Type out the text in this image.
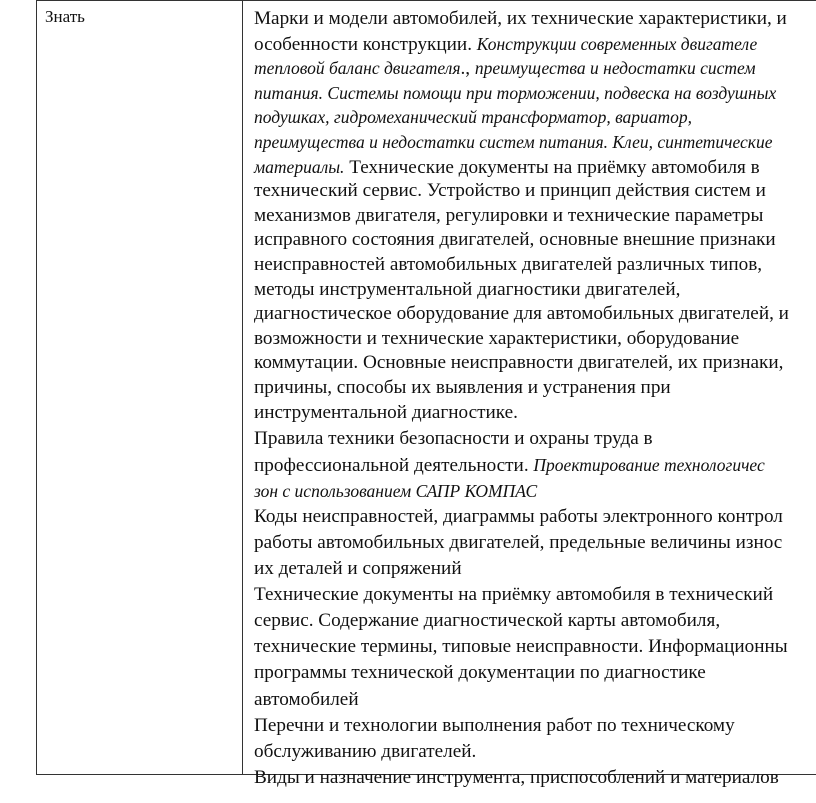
Знать	Марки и модели автомобилей, их технические характеристики, и
особенности конструкции. Конструкции современных двигателе
тепловой баланс двигателя., преимущества и недостатки систем
питания. Системы помощи при торможении, подвеска на воздушных
подушках, гидромеханический трансформатор, вариатор,
преимущества и недостатки систем питания. Клеи, синтетические
материалы. Технические документы на приёмку автомобиля в
технический сервис. Устройство и принцип действия систем и
механизмов двигателя, регулировки и технические параметры
исправного состояния двигателей, основные внешние признаки
неисправностей автомобильных двигателей различных типов,
методы инструментальной диагностики двигателей,
диагностическое оборудование для автомобильных двигателей, и
возможности и технические характеристики, оборудование
коммутации. Основные неисправности двигателей, их признаки,
причины, способы их выявления и устранения при
инструментальной диагностике.
Правила техники безопасности и охраны труда в
профессиональной деятельности. Проектирование технологичес
зон с использованием САПР КОМПАС
Коды неисправностей, диаграммы работы электронного контрол
работы автомобильных двигателей, предельные величины износ
их деталей и сопряжений
Технические документы на приёмку автомобиля в технический
сервис. Содержание диагностической карты автомобиля,
технические термины, типовые неисправности. Информационны
программы технической документации по диагностике
автомобилей
Перечни и технологии выполнения работ по техническому
обслуживанию двигателей.
Виды и назначение инструмента, приспособлений и материалов
